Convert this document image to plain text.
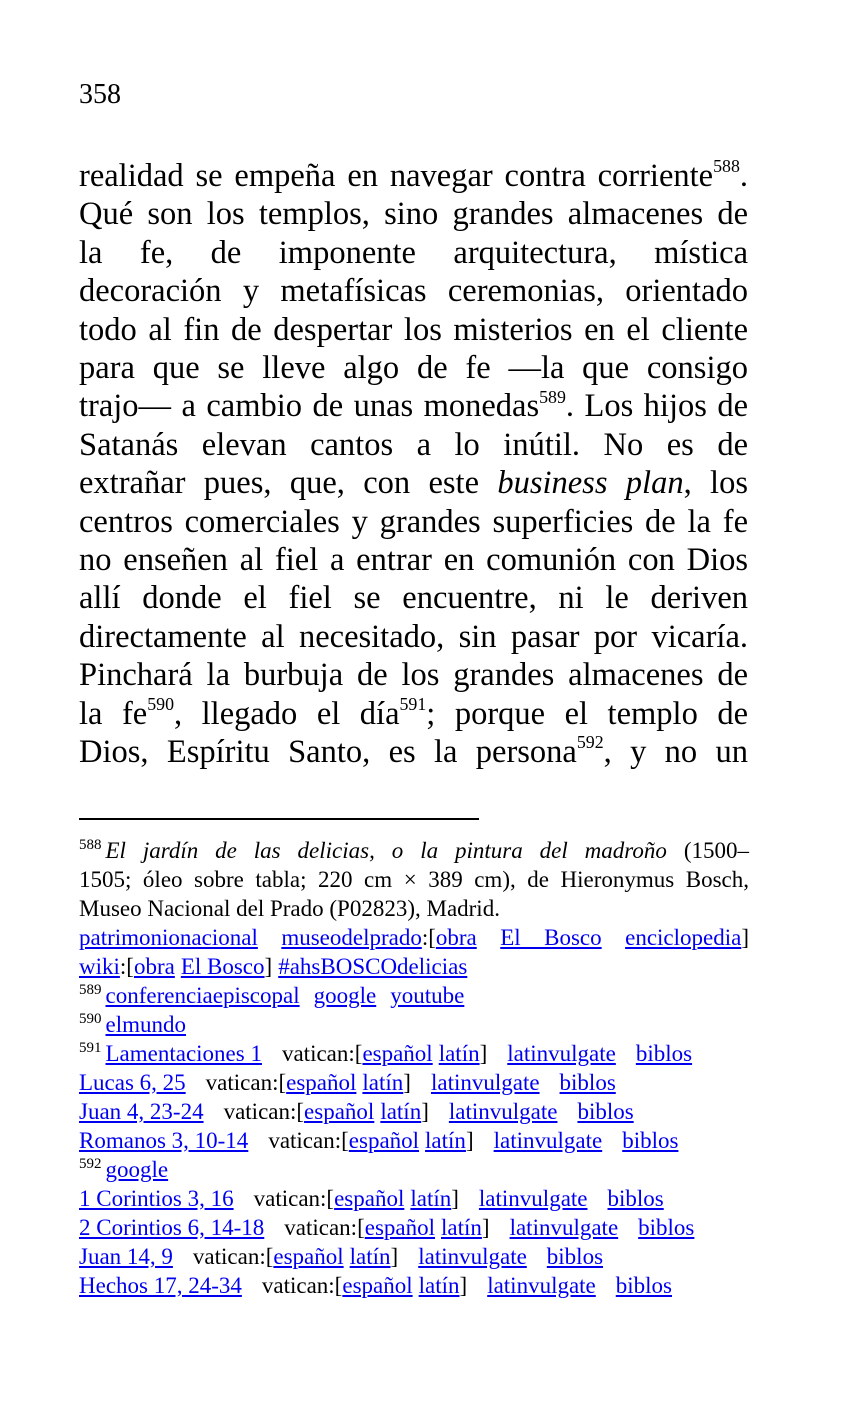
358
realidad se empeña en navegar contra corriente$^{588}$.
Qué son los templos, sino grandes almacenes de
la fe, de imponente arquitectura, mística
decoración y metafísicas ceremonias, orientado
todo al fin de despertar los misterios en el cliente
para que se lleve algo de fe —la que consigo
trajo— a cambio de unas monedas$^{589}$. Los hijos de
Satanás elevan cantos a lo inútil. No es de
extrañar pues, que, con este business plan, los
centros comerciales y grandes superficies de la fe
no enseñen al fiel a entrar en comunión con Dios
allí donde el fiel se encuentre, ni le deriven
directamente al necesitado, sin pasar por vicaría.
Pinchará la burbuja de los grandes almacenes de
la $fe^{590}$, llegado el día$^{591}$; porque el templo de
Dios, Espíritu Santo, es la persona$^{592}$, y no un
$^{588}$ El jardín de las delicias, o la pintura del madroño (1500–
1505; óleo sobre tabla; 220 cm × 389 cm), de Hieronymus Bosch,
Museo Nacional del Prado (P02823), Madrid.
patrimonionacional museodelprado:[obra El Bosco enciclopedia]
wiki:[obra El Bosco] #ahsBOSCOdelicias
$^{589}$ conferenciaepiscopal google youtube
$^{590}$ elmundo
$^{591}$ Lamentaciones 1 vatican:[español latín] latinvulgate biblos
Lucas 6, 25 vatican:[español latín] latinvulgate biblos
Juan 4, 23-24 vatican:[español latín] latinvulgate biblos
Romanos 3, 10-14 vatican:[español latín] latinvulgate biblos
$^{592}$ google
1 Corintios 3, 16 vatican:[español latín] latinvulgate biblos
2 Corintios 6, 14-18 vatican:[español latín] latinvulgate biblos
Juan 14, 9 vatican:[español latín] latinvulgate biblos
Hechos 17, 24-34 vatican:[español latín] latinvulgate biblos
